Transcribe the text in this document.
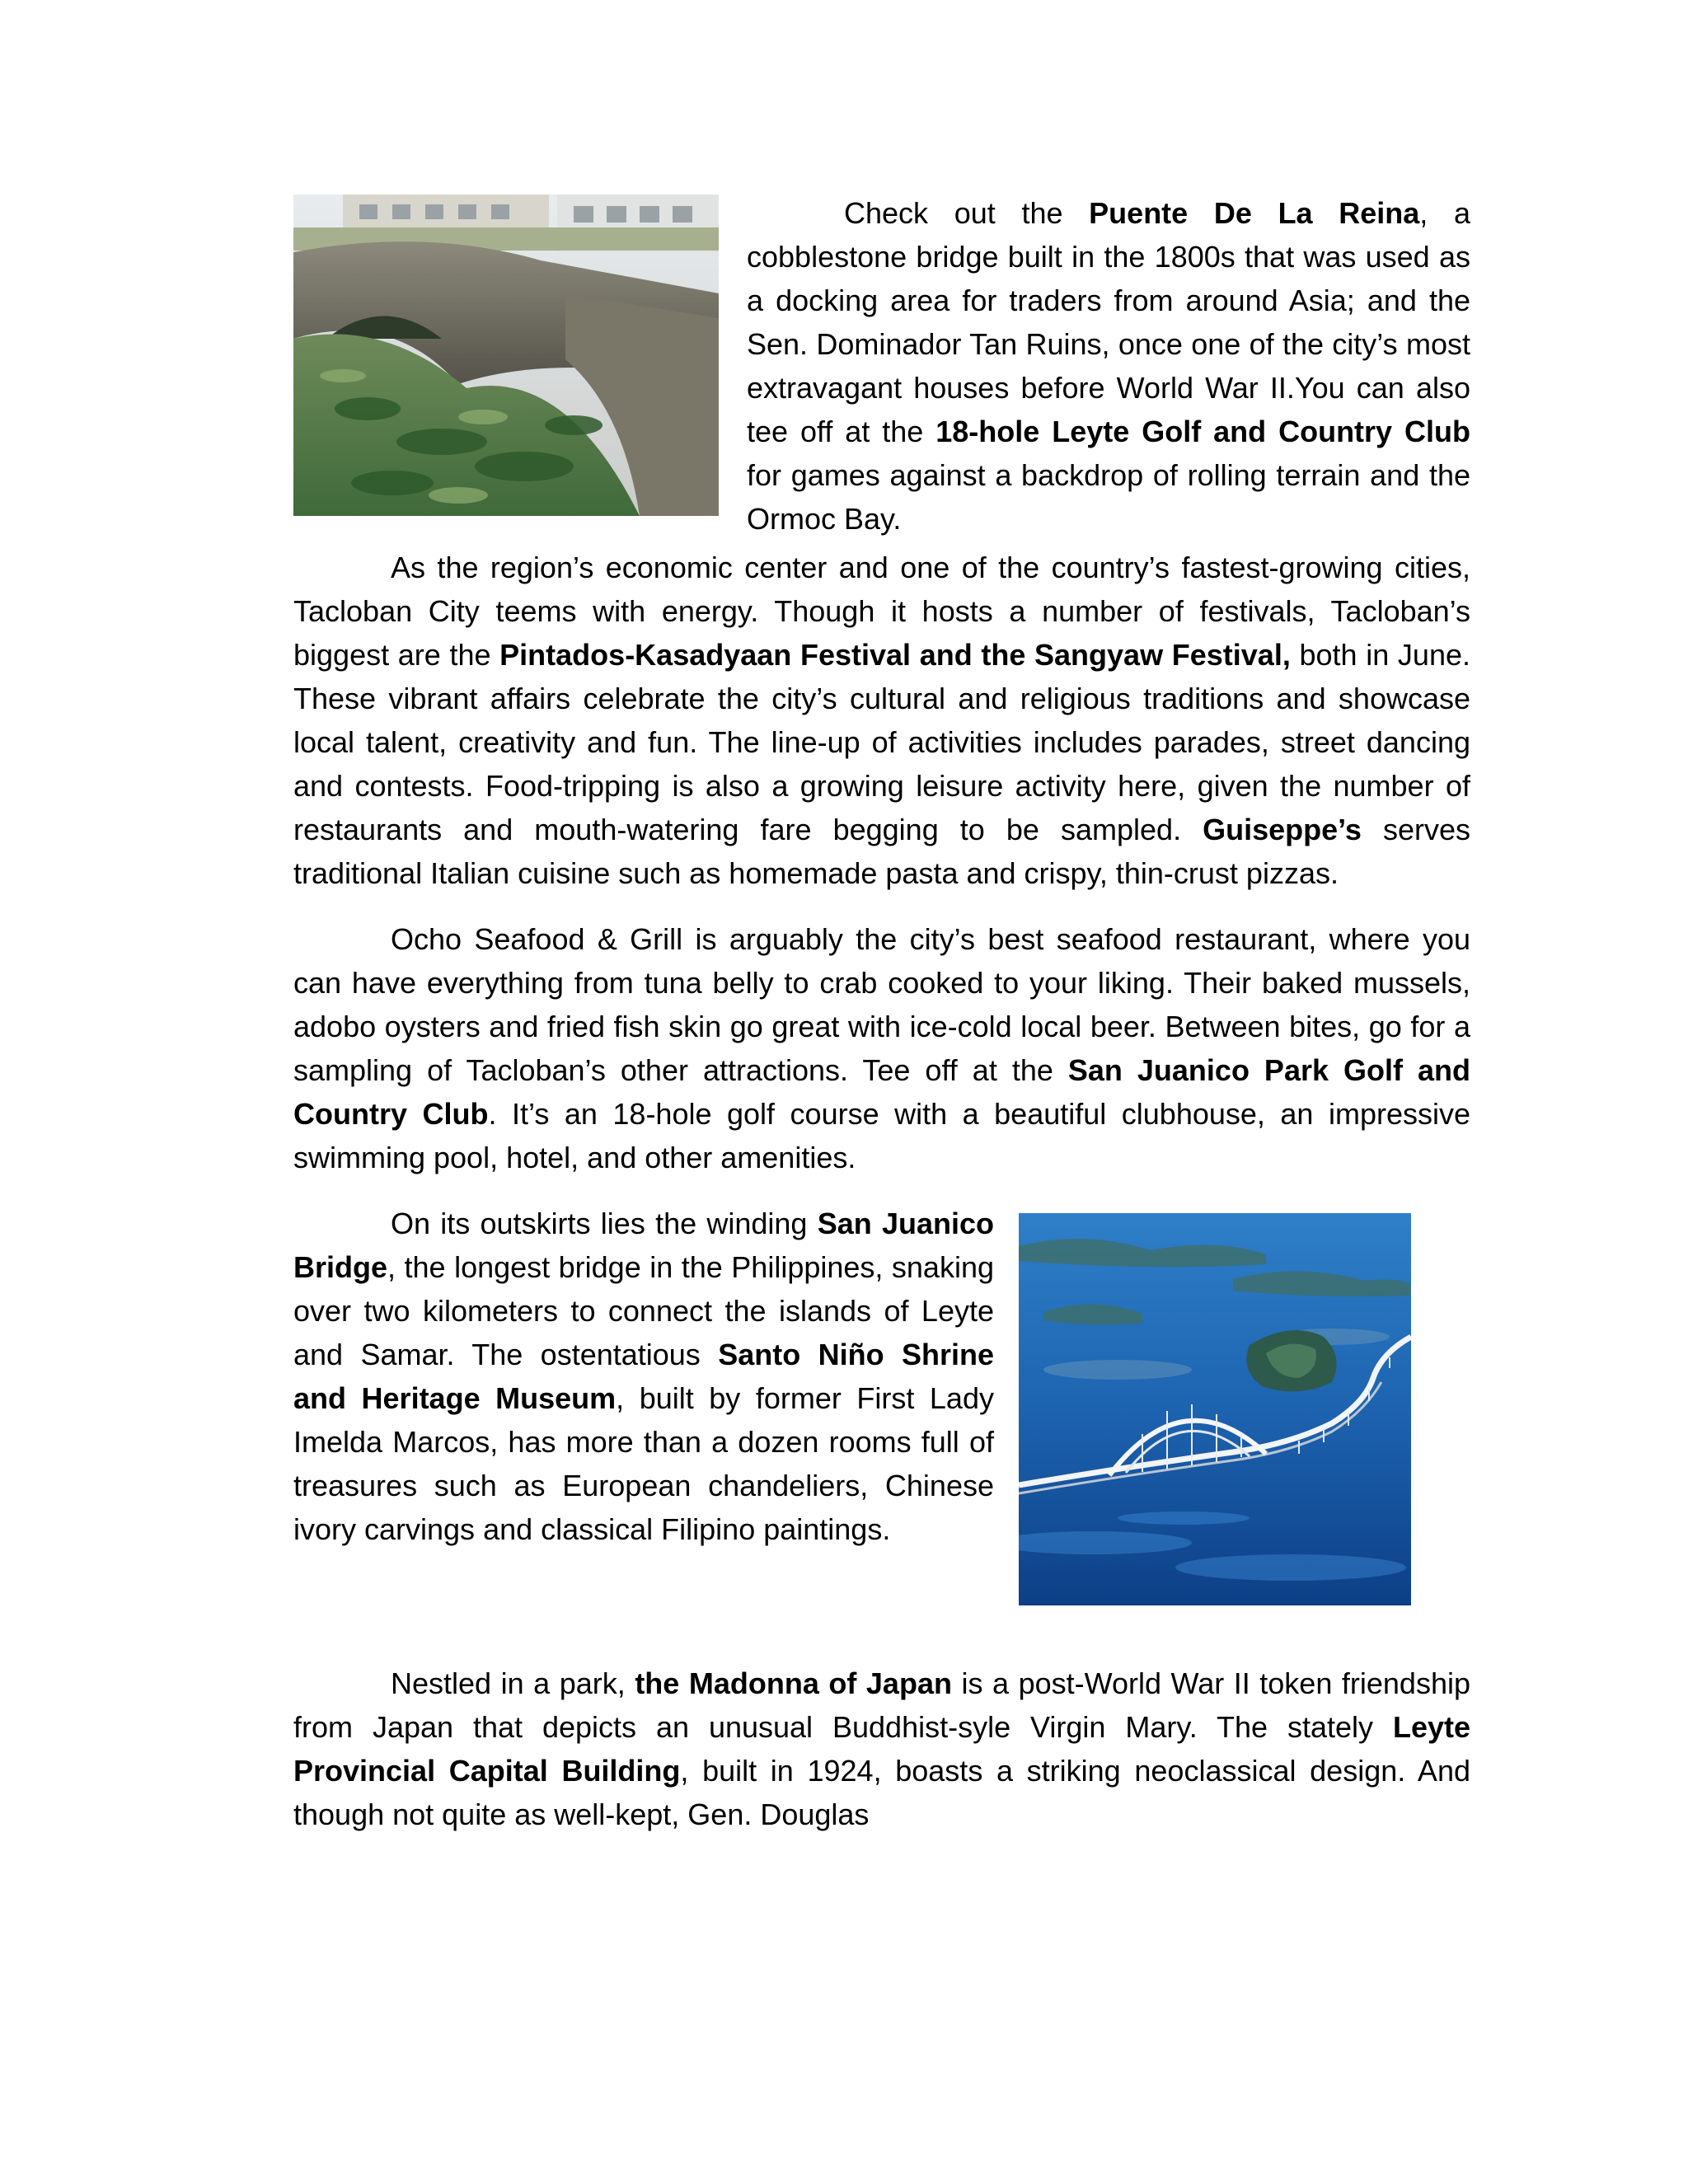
Check out the Puente De La Reina, a cobblestone bridge built in the 1800s that was used as a docking area for traders from around Asia; and the Sen. Dominador Tan Ruins, once one of the city’s most extravagant houses before World War II.You can also tee off at the 18-hole Leyte Golf and Country Club for games against a backdrop of rolling terrain and the Ormoc Bay.

As the region’s economic center and one of the country’s fastest-growing cities, Tacloban City teems with energy. Though it hosts a number of festivals, Tacloban’s biggest are the Pintados-Kasadyaan Festival and the Sangyaw Festival, both in June. These vibrant affairs celebrate the city’s cultural and religious traditions and showcase local talent, creativity and fun. The line-up of activities includes parades, street dancing and contests. Food-tripping is also a growing leisure activity here, given the number of restaurants and mouth-watering fare begging to be sampled. Guiseppe’s serves traditional Italian cuisine such as homemade pasta and crispy, thin-crust pizzas.

Ocho Seafood & Grill is arguably the city’s best seafood restaurant, where you can have everything from tuna belly to crab cooked to your liking. Their baked mussels, adobo oysters and fried fish skin go great with ice-cold local beer. Between bites, go for a sampling of Tacloban’s other attractions. Tee off at the San Juanico Park Golf and Country Club. It’s an 18-hole golf course with a beautiful clubhouse, an impressive swimming pool, hotel, and other amenities.

On its outskirts lies the winding San Juanico Bridge, the longest bridge in the Philippines, snaking over two kilometers to connect the islands of Leyte and Samar. The ostentatious Santo Niño Shrine and Heritage Museum, built by former First Lady Imelda Marcos, has more than a dozen rooms full of treasures such as European chandeliers, Chinese ivory carvings and classical Filipino paintings.

Nestled in a park, the Madonna of Japan is a post-World War II token friendship from Japan that depicts an unusual Buddhist-syle Virgin Mary. The stately Leyte Provincial Capital Building, built in 1924, boasts a striking neoclassical design. And though not quite as well-kept, Gen. Douglas
